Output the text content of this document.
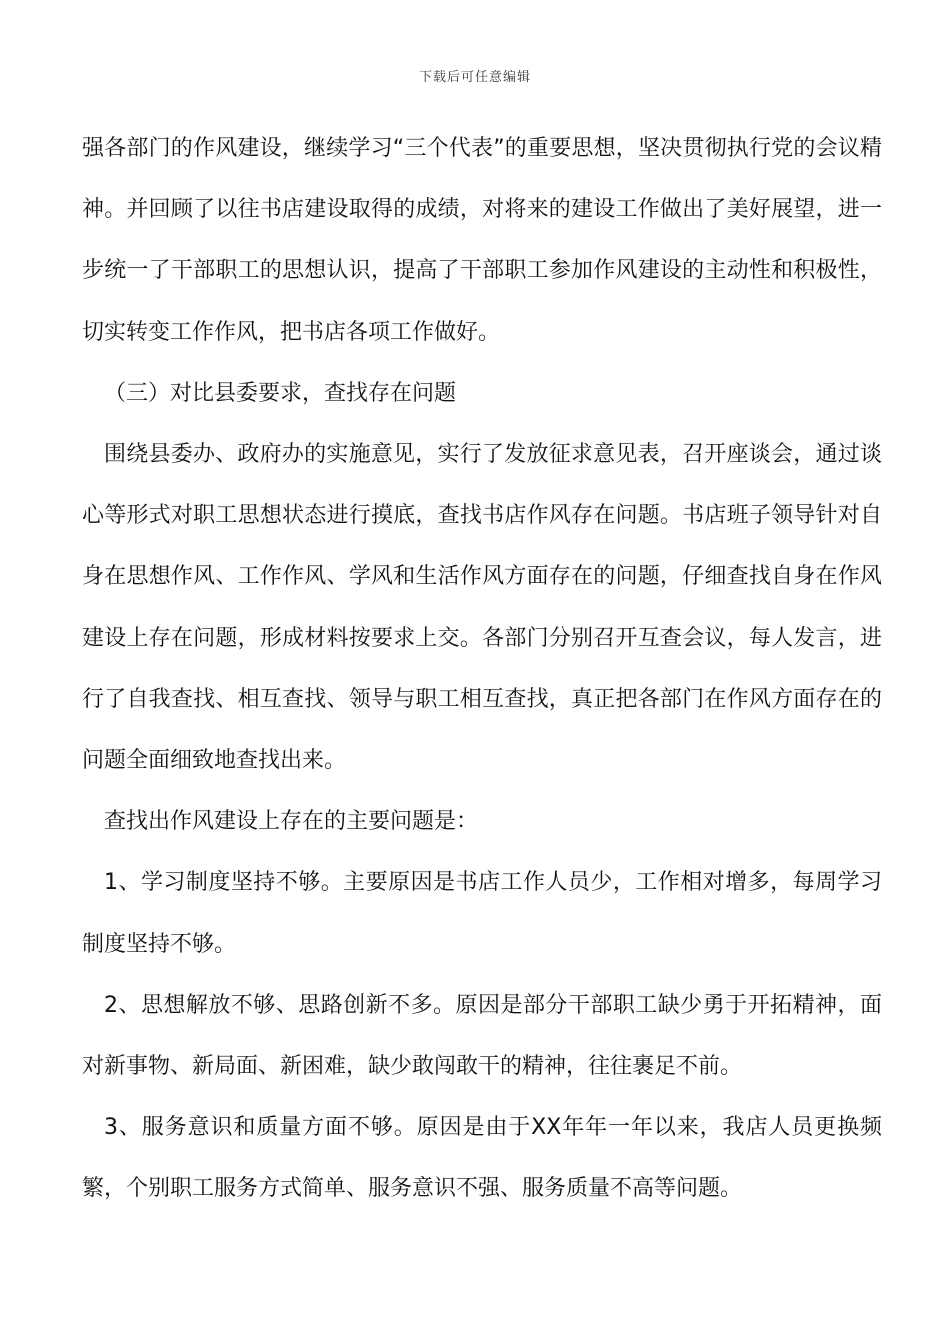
下载后可任意编辑

强各部门的作风建设，继续学习“三个代表”的重要思想，坚决贯彻执行党的会议精神。并回顾了以往书店建设取得的成绩，对将来的建设工作做出了美好展望，进一步统一了干部职工的思想认识，提高了干部职工参加作风建设的主动性和积极性，切实转变工作作风，把书店各项工作做好。

（三）对比县委要求，查找存在问题

围绕县委办、政府办的实施意见，实行了发放征求意见表，召开座谈会，通过谈心等形式对职工思想状态进行摸底，查找书店作风存在问题。书店班子领导针对自身在思想作风、工作作风、学风和生活作风方面存在的问题，仔细查找自身在作风建设上存在问题，形成材料按要求上交。各部门分别召开互查会议，每人发言，进行了自我查找、相互查找、领导与职工相互查找，真正把各部门在作风方面存在的问题全面细致地查找出来。

查找出作风建设上存在的主要问题是：

1、学习制度坚持不够。主要原因是书店工作人员少，工作相对增多，每周学习制度坚持不够。

2、思想解放不够、思路创新不多。原因是部分干部职工缺少勇于开拓精神，面对新事物、新局面、新困难，缺少敢闯敢干的精神，往往裹足不前。

3、服务意识和质量方面不够。原因是由于XX年年一年以来，我店人员更换频繁，个别职工服务方式简单、服务意识不强、服务质量不高等问题。
